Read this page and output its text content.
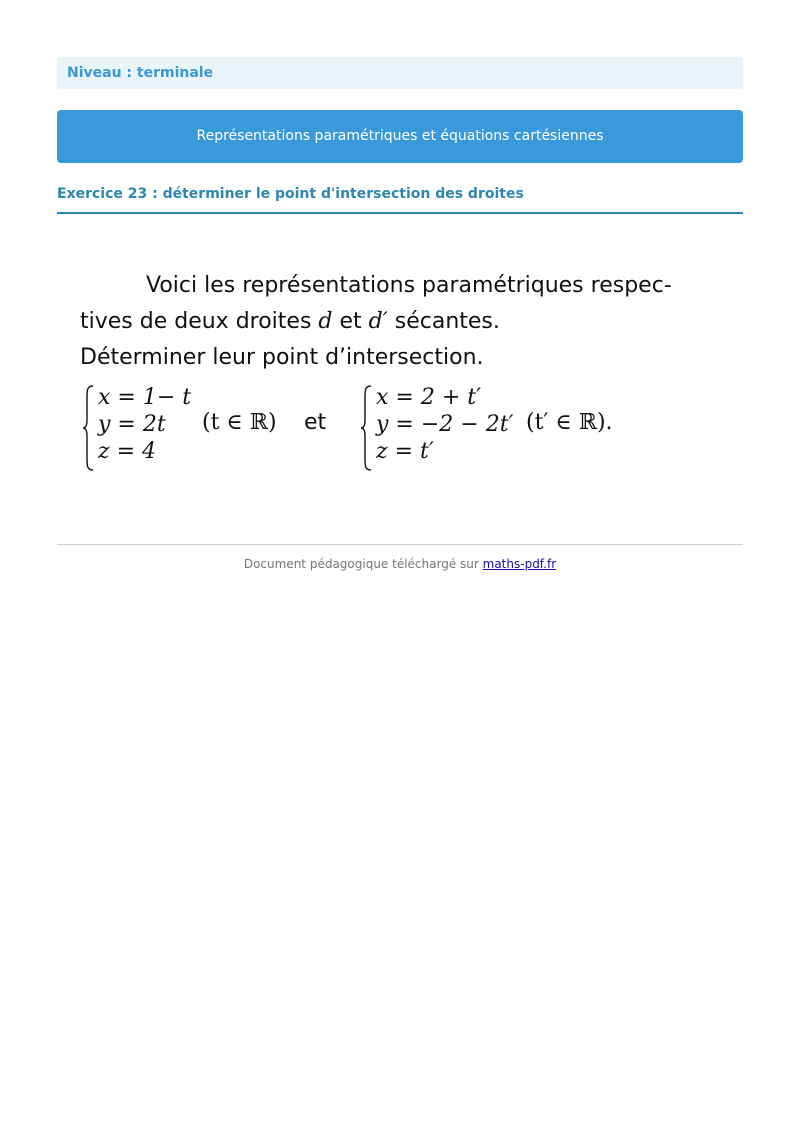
Niveau : terminale
Représentations paramétriques et équations cartésiennes
Exercice 23 : déterminer le point d'intersection des droites

Voici les représentations paramétriques respec-

tives de deux droites d et d′ sécantes.

Déterminer leur point d’intersection.

x = 1− t
y = 2t
z = 4
(t ∈ ℝ) et
x = 2 + t′
y = −2 − 2t′
z = t′
(t′ ∈ ℝ).
Document pédagogique téléchargé sur maths-pdf.fr
